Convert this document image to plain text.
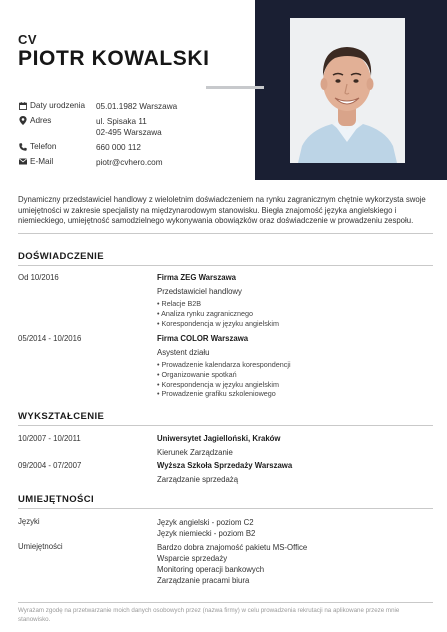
CV
PIOTR KOWALSKI
Daty urodzenia	05.01.1982 Warszawa
Adres	ul. Spisaka 11
02-495 Warszawa
Telefon	660 000 112
E-Mail	piotr@cvhero.com
Dynamiczny przedstawiciel handlowy z wieloletnim doświadczeniem na rynku zagranicznym chętnie wykorzysta swoje umiejętności w zakresie specjalisty na międzynarodowym stanowisku. Biegła znajomość języka angielskiego i niemieckiego, umiejętność samodzielnego wykonywania obowiązków oraz doświadczenie w prowadzeniu zespołu.
DOŚWIADCZENIE
Od 10/2016	Firma ZEG Warszawa
Przedstawiciel handlowy
• Relacje B2B
• Analiza rynku zagranicznego
• Korespondencja w języku angielskim
05/2014 - 10/2016	Firma COLOR Warszawa
Asystent działu
• Prowadzenie kalendarza korespondencji
• Organizowanie spotkań
• Korespondencja w języku angielskim
• Prowadzenie grafiku szkoleniowego
WYKSZTAŁCENIE
10/2007 - 10/2011	Uniwersytet Jagielloński, Kraków
Kierunek Zarządzanie
09/2004 - 07/2007	Wyższa Szkoła Sprzedaży Warszawa
Zarządzanie sprzedażą
UMIEJĘTNOŚCI
Języki	Język angielski - poziom C2
Język niemiecki - poziom B2
Umiejętności	Bardzo dobra znajomość pakietu MS-Office
Wsparcie sprzedaży
Monitoring operacji bankowych
Zarządzanie pracami biura
Wyrażam zgodę na przetwarzanie moich danych osobowych przez (nazwa firmy) w celu prowadzenia rekrutacji na aplikowane przeze mnie stanowisko.
